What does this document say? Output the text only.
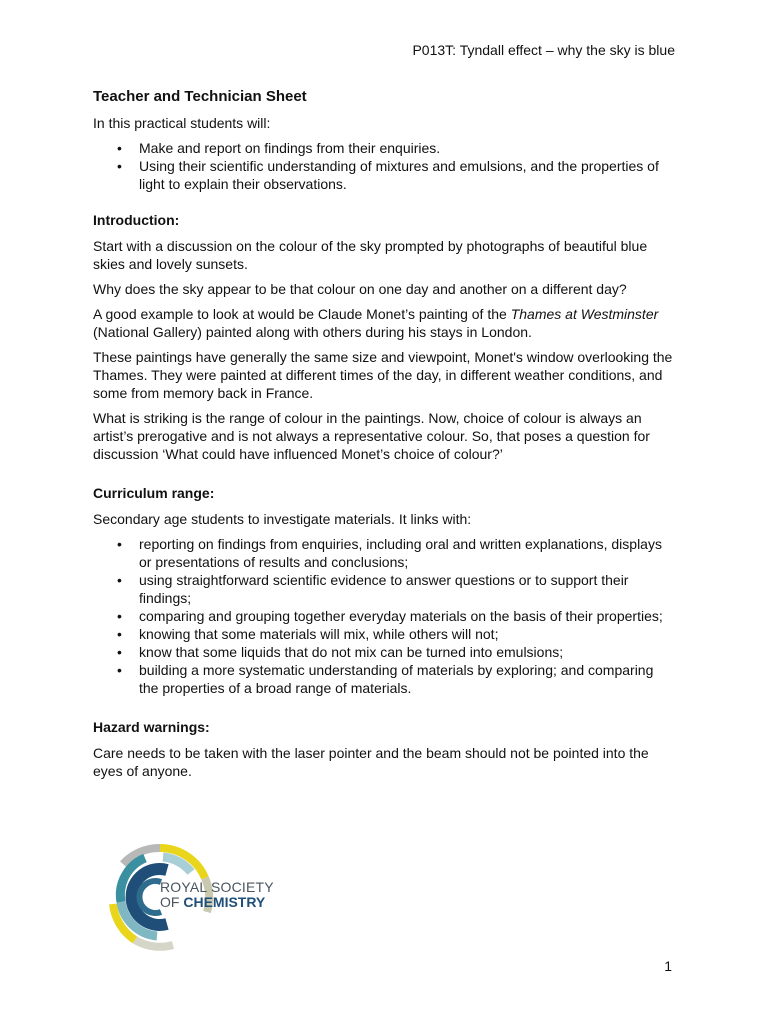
P013T: Tyndall effect – why the sky is blue
Teacher and Technician Sheet

In this practical students will:

• Make and report on findings from their enquiries.
• Using their scientific understanding of mixtures and emulsions, and the properties of light to explain their observations.
Introduction:

Start with a discussion on the colour of the sky prompted by photographs of beautiful blue skies and lovely sunsets.

Why does the sky appear to be that colour on one day and another on a different day?

A good example to look at would be Claude Monet’s painting of the Thames at Westminster (National Gallery) painted along with others during his stays in London.

These paintings have generally the same size and viewpoint, Monet's window overlooking the Thames. They were painted at different times of the day, in different weather conditions, and some from memory back in France.

What is striking is the range of colour in the paintings. Now, choice of colour is always an artist’s prerogative and is not always a representative colour. So, that poses a question for discussion ‘What could have influenced Monet’s choice of colour?’

Curriculum range:

Secondary age students to investigate materials. It links with:

• reporting on findings from enquiries, including oral and written explanations, displays or presentations of results and conclusions;
• using straightforward scientific evidence to answer questions or to support their findings;
• comparing and grouping together everyday materials on the basis of their properties;
• knowing that some materials will mix, while others will not;
• know that some liquids that do not mix can be turned into emulsions;
• building a more systematic understanding of materials by exploring; and comparing the properties of a broad range of materials.
Hazard warnings:

Care needs to be taken with the laser pointer and the beam should not be pointed into the eyes of anyone.

ROYAL SOCIETY
OF CHEMISTRY
1
